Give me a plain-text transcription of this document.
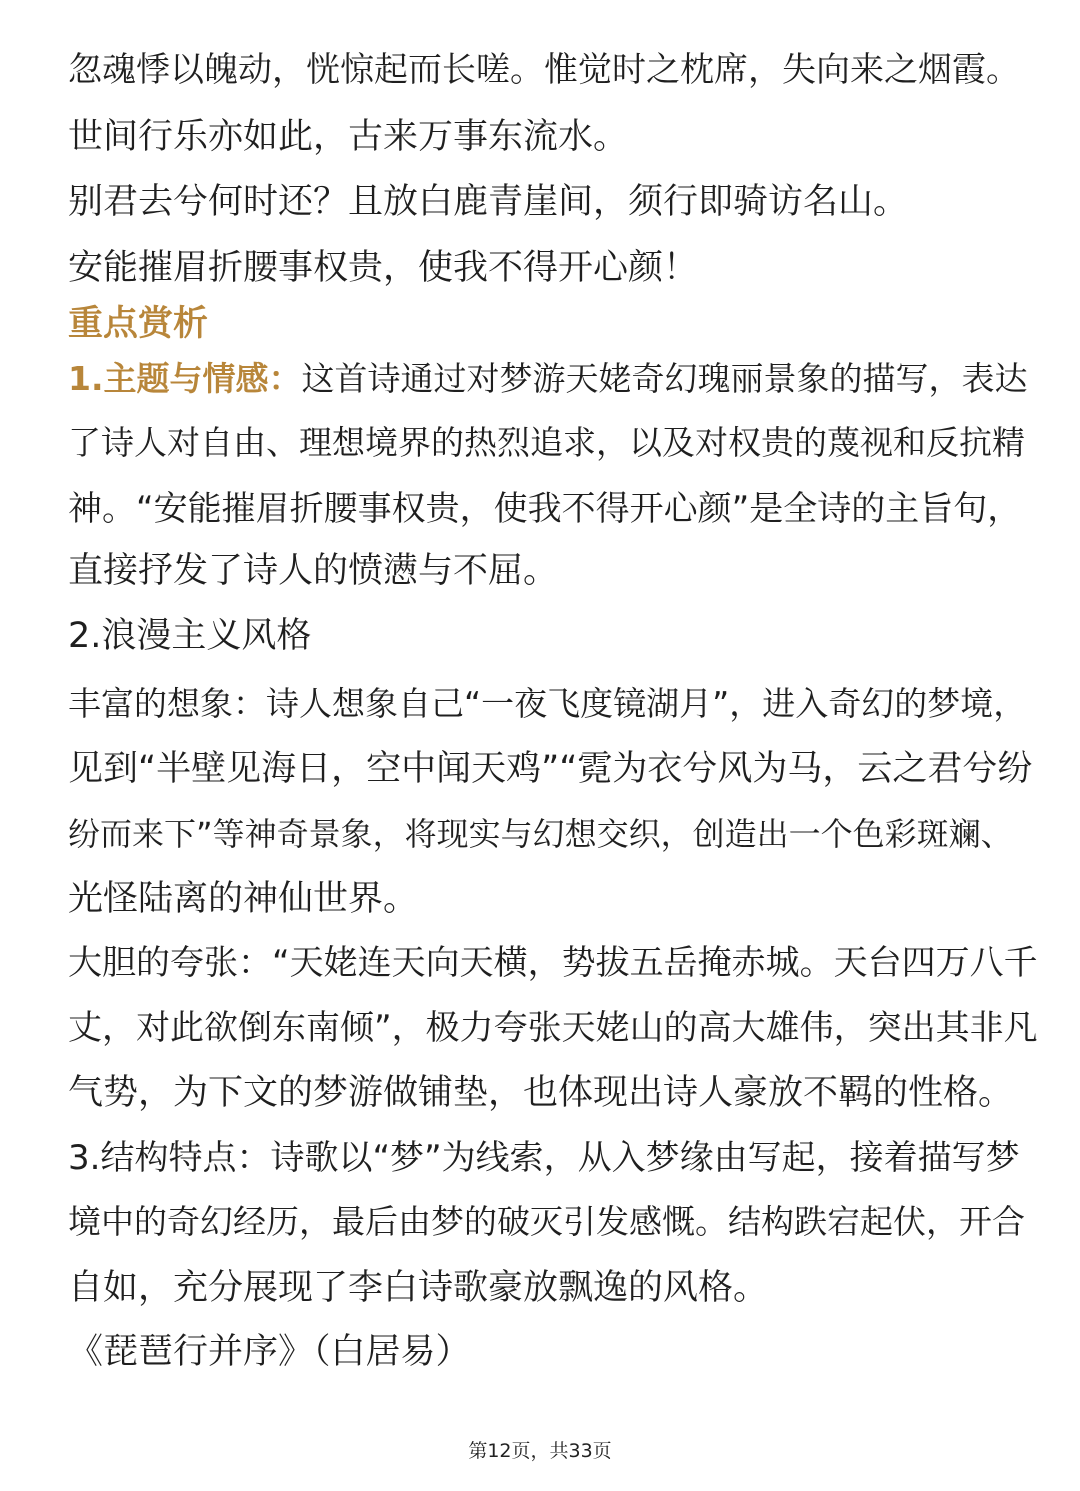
忽魂悸以魄动，恍惊起而长嗟。惟觉时之枕席，失向来之烟霞。
世间行乐亦如此，古来万事东流水。
别君去兮何时还？且放白鹿青崖间，须行即骑访名山。
安能摧眉折腰事权贵，使我不得开心颜！
重点赏析
1.主题与情感：这首诗通过对梦游天姥奇幻瑰丽景象的描写，表达
了诗人对自由、理想境界的热烈追求，以及对权贵的蔑视和反抗精
神。“安能摧眉折腰事权贵，使我不得开心颜”是全诗的主旨句，
直接抒发了诗人的愤懑与不屈。
2.浪漫主义风格
丰富的想象：诗人想象自己“一夜飞度镜湖月”，进入奇幻的梦境，
见到“半壁见海日，空中闻天鸡”“霓为衣兮风为马，云之君兮纷
纷而来下”等神奇景象，将现实与幻想交织，创造出一个色彩斑斓、
光怪陆离的神仙世界。
大胆的夸张：“天姥连天向天横，势拔五岳掩赤城。天台四万八千
丈，对此欲倒东南倾”，极力夸张天姥山的高大雄伟，突出其非凡
气势，为下文的梦游做铺垫，也体现出诗人豪放不羁的性格。
3.结构特点：诗歌以“梦”为线索，从入梦缘由写起，接着描写梦
境中的奇幻经历，最后由梦的破灭引发感慨。结构跌宕起伏，开合
自如，充分展现了李白诗歌豪放飘逸的风格。
《琵琶行并序》（白居易）
第12页，共33页
